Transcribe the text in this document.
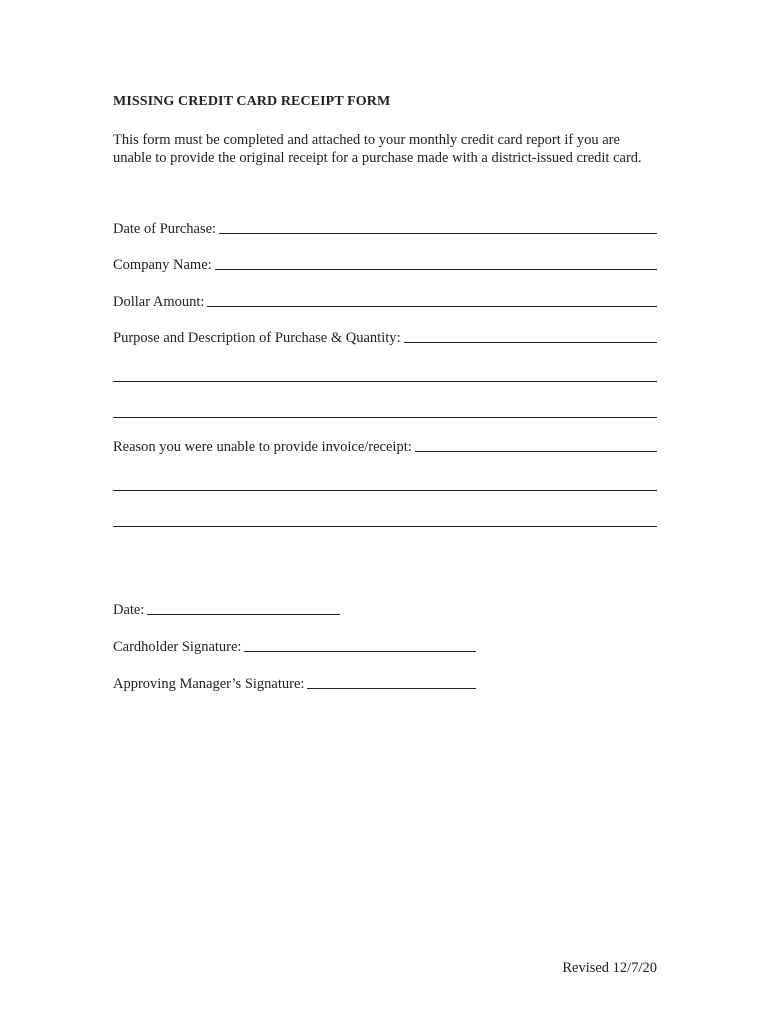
MISSING CREDIT CARD RECEIPT FORM
This form must be completed and attached to your monthly credit card report if you are unable to provide the original receipt for a purchase made with a district-issued credit card.
Date of Purchase:
Company Name:
Dollar Amount:
Purpose and Description of Purchase & Quantity:
Reason you were unable to provide invoice/receipt:
Date:
Cardholder Signature:
Approving Manager’s Signature:
Revised 12/7/20
